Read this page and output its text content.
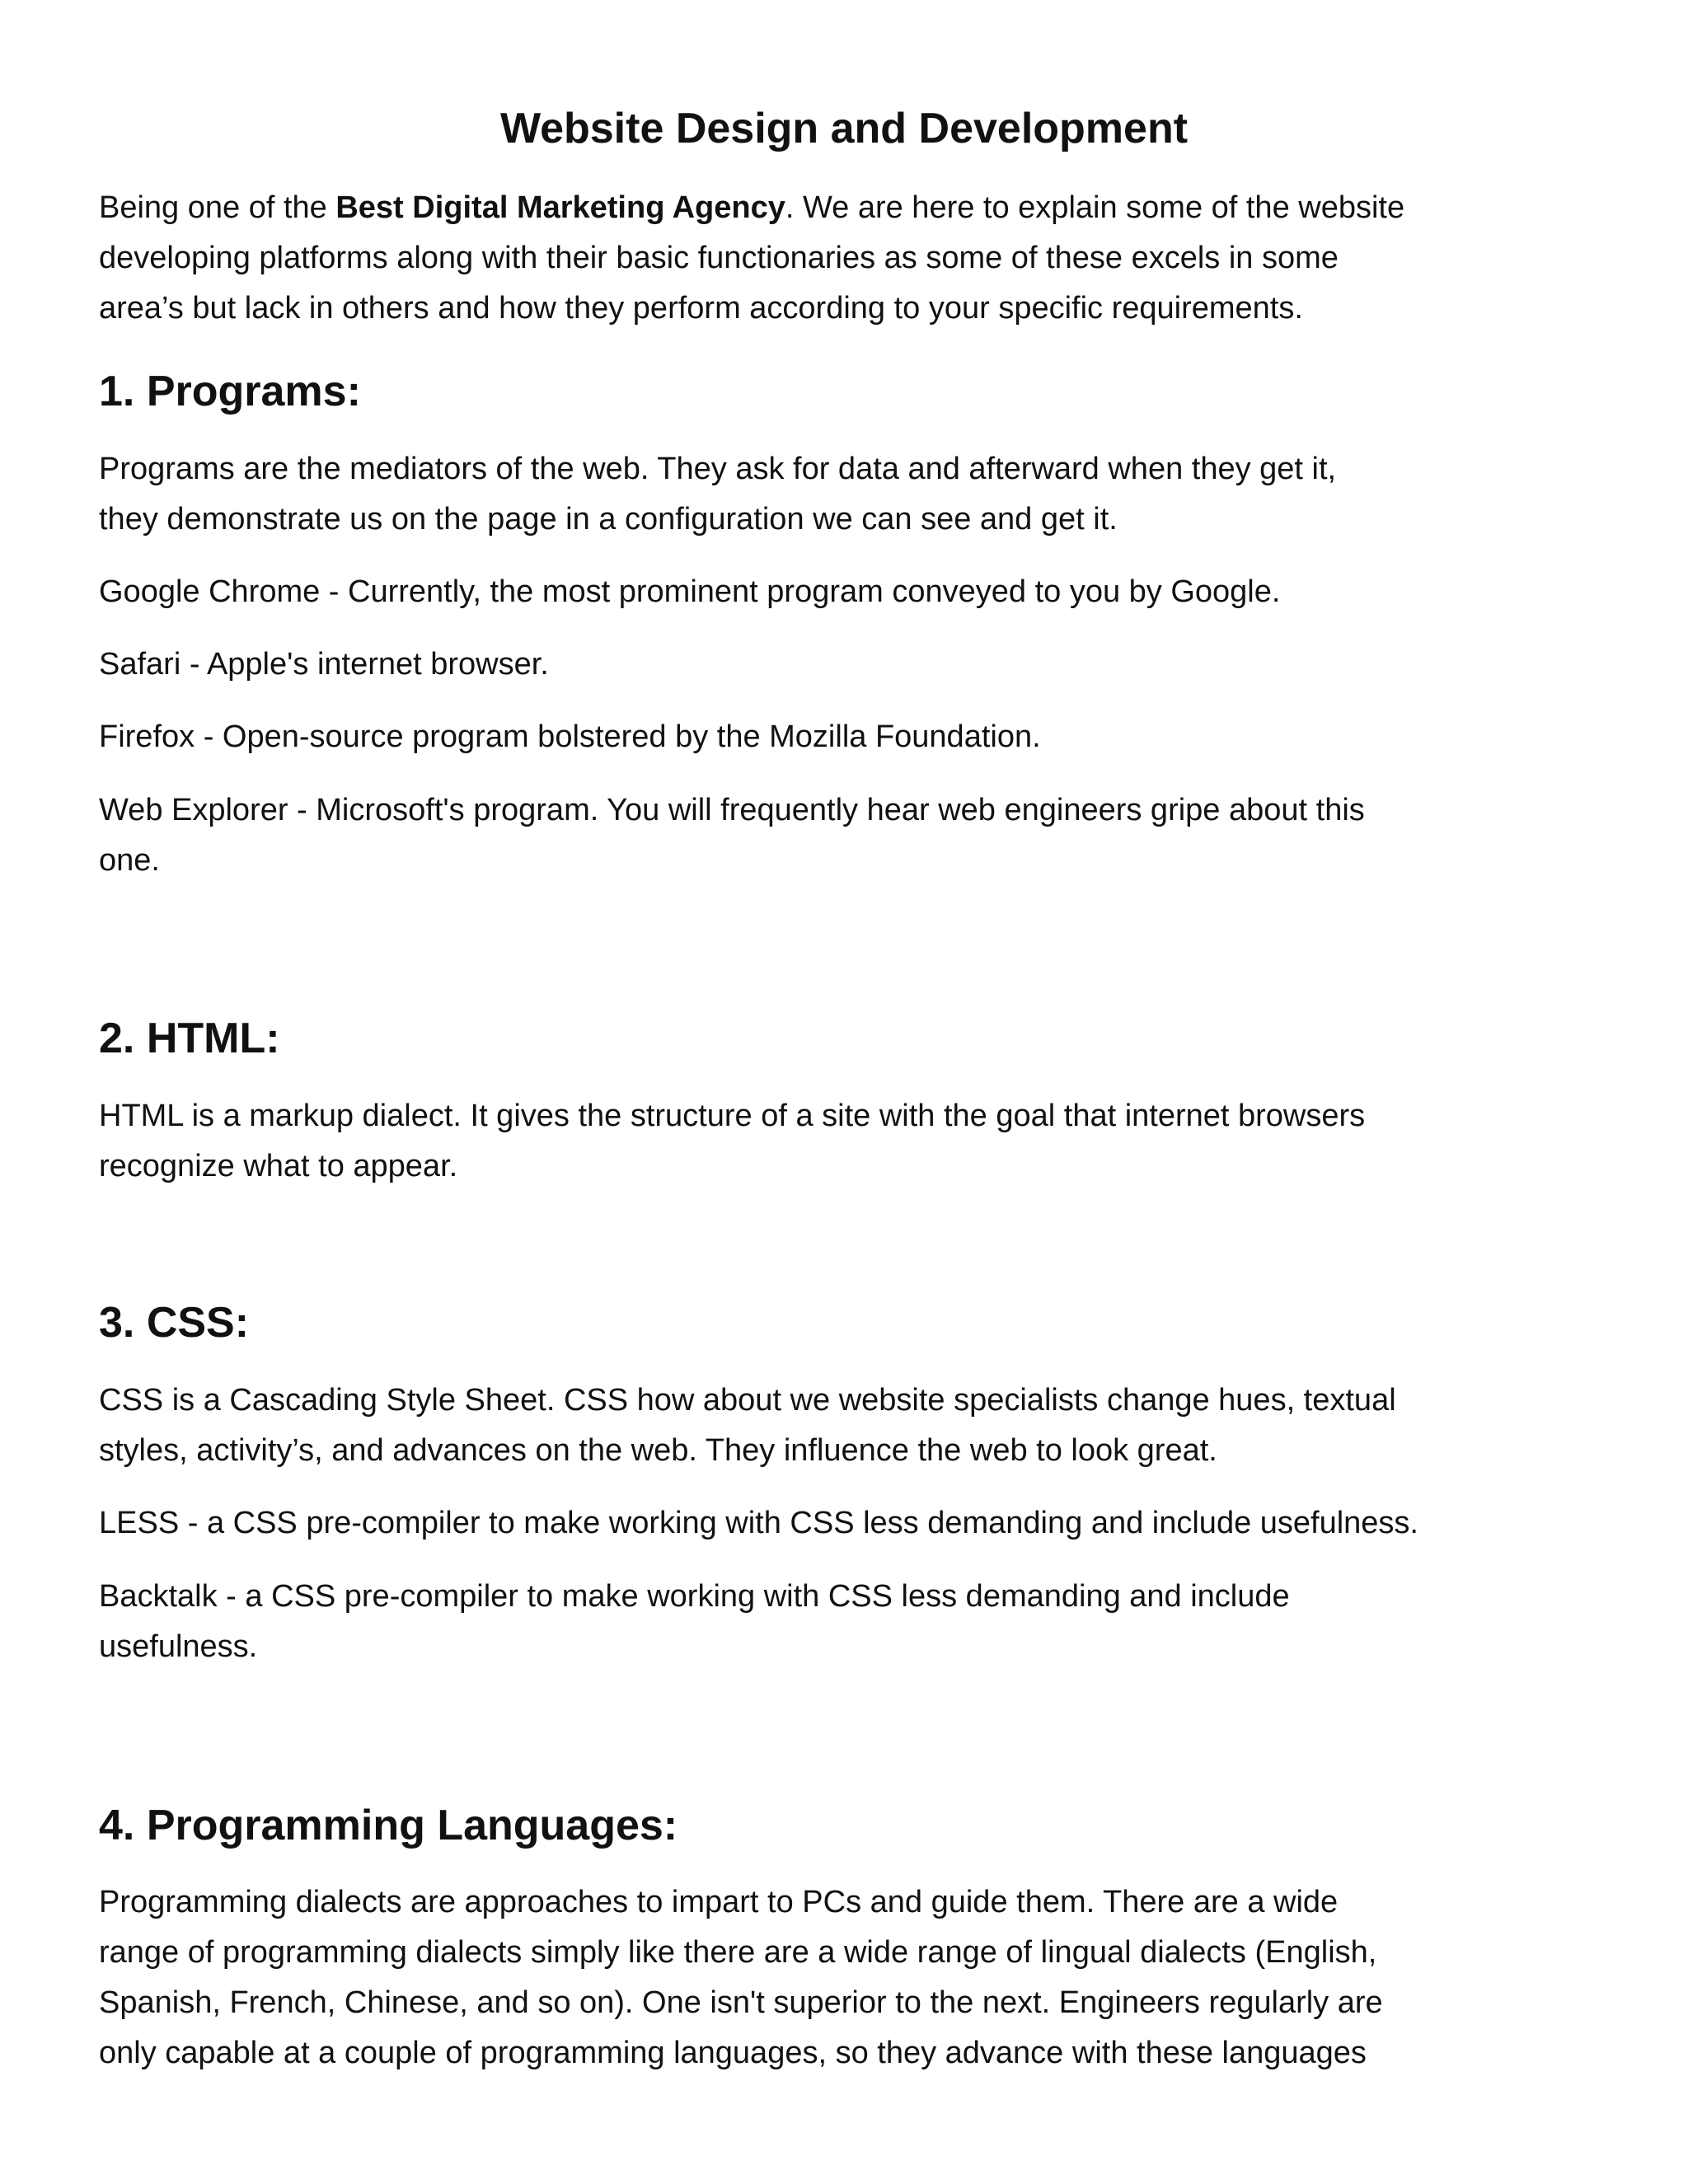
Website Design and Development

Being one of the Best Digital Marketing Agency. We are here to explain some of the website
developing platforms along with their basic functionaries as some of these excels in some
area’s but lack in others and how they perform according to your specific requirements.

1. Programs:

Programs are the mediators of the web. They ask for data and afterward when they get it,
they demonstrate us on the page in a configuration we can see and get it.

Google Chrome - Currently, the most prominent program conveyed to you by Google.

Safari - Apple's internet browser.

Firefox - Open-source program bolstered by the Mozilla Foundation.

Web Explorer - Microsoft's program. You will frequently hear web engineers gripe about this
one.

2. HTML:

HTML is a markup dialect. It gives the structure of a site with the goal that internet browsers
recognize what to appear.

3. CSS:

CSS is a Cascading Style Sheet. CSS how about we website specialists change hues, textual
styles, activity’s, and advances on the web. They influence the web to look great.

LESS - a CSS pre-compiler to make working with CSS less demanding and include usefulness.

Backtalk - a CSS pre-compiler to make working with CSS less demanding and include
usefulness.

4. Programming Languages:

Programming dialects are approaches to impart to PCs and guide them. There are a wide
range of programming dialects simply like there are a wide range of lingual dialects (English,
Spanish, French, Chinese, and so on). One isn't superior to the next. Engineers regularly are
only capable at a couple of programming languages, so they advance with these languages
